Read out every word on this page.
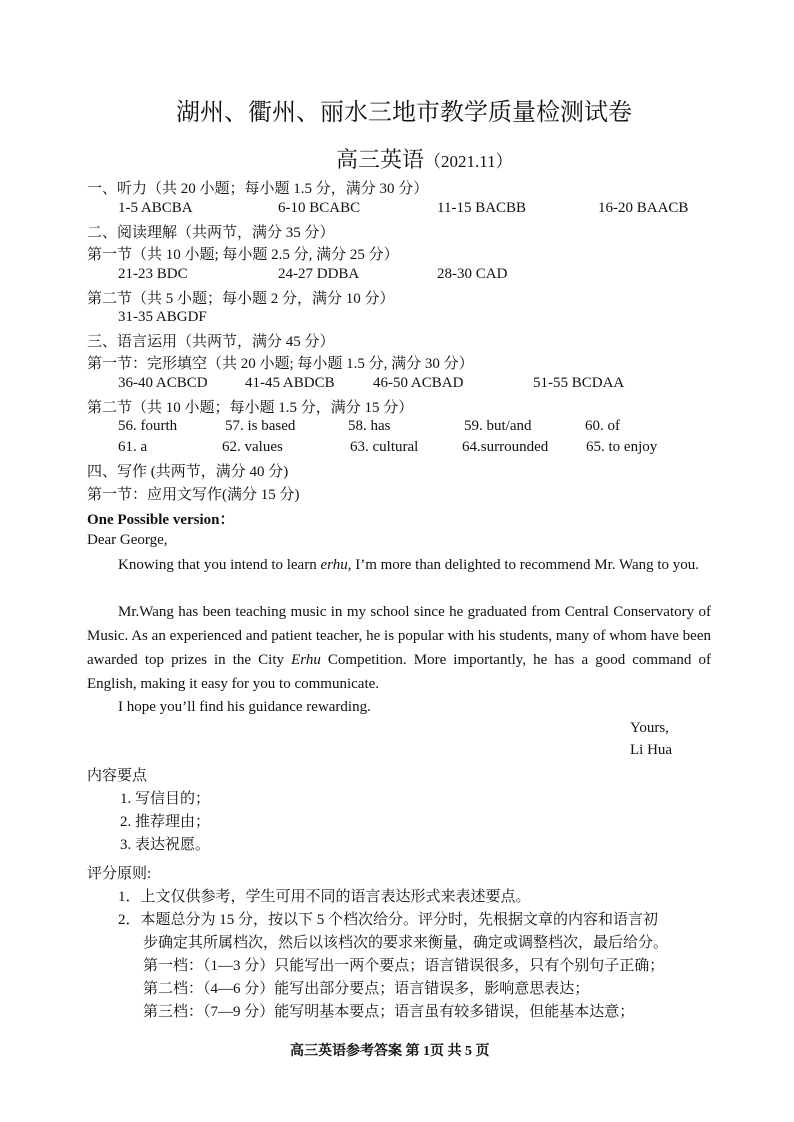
湖州、衢州、丽水三地市教学质量检测试卷
高三英语（2021.11）
一、听力（共 20 小题；每小题 1.5 分，满分 30 分）
1-5 ABCBA	6-10 BCABC	11-15 BACBB	16-20 BAACB
二、阅读理解（共两节，满分 35 分）
第一节（共 10 小题; 每小题 2.5 分, 满分 25 分）
21-23 BDC	24-27 DDBA	28-30 CAD
第二节（共 5 小题；每小题 2 分，满分 10 分）
31-35 ABGDF
三、语言运用（共两节，满分 45 分）
第一节：完形填空（共 20 小题; 每小题 1.5 分, 满分 30 分）
36-40 ACBCD 41-45 ABDCB	46-50 ACBAD	51-55 BCDAA
第二节（共 10 小题；每小题 1.5 分，满分 15 分）
56. fourth	57. is based	58. has	59. but/and	60. of
61. a	62. values	63. cultural	64.surrounded	65. to enjoy
四、写作 (共两节，满分 40 分)
第一节：应用文写作(满分 15 分)
One Possible version：
Dear George,

Knowing that you intend to learn erhu, I’m more than delighted to recommend Mr. Wang to you.

Mr.Wang has been teaching music in my school since he graduated from Central Conservatory of Music. As an experienced and patient teacher, he is popular with his students, many of whom have been awarded top prizes in the City Erhu Competition. More importantly, he has a good command of English, making it easy for you to communicate.

I hope you’ll find his guidance rewarding.

Yours,
Li Hua
内容要点
1. 写信目的；
2. 推荐理由；
3. 表达祝愿。
评分原则:
1．上文仅供参考，学生可用不同的语言表达形式来表述要点。
2．本题总分为 15 分，按以下 5 个档次给分。评分时，先根据文章的内容和语言初
步确定其所属档次，然后以该档次的要求来衡量，确定或调整档次，最后给分。
第一档：（1—3 分）只能写出一两个要点；语言错误很多，只有个别句子正确；
第二档：（4—6 分）能写出部分要点；语言错误多，影响意思表达；
第三档：（7—9 分）能写明基本要点；语言虽有较多错误，但能基本达意；
高三英语参考答案 第 1页 共 5 页
